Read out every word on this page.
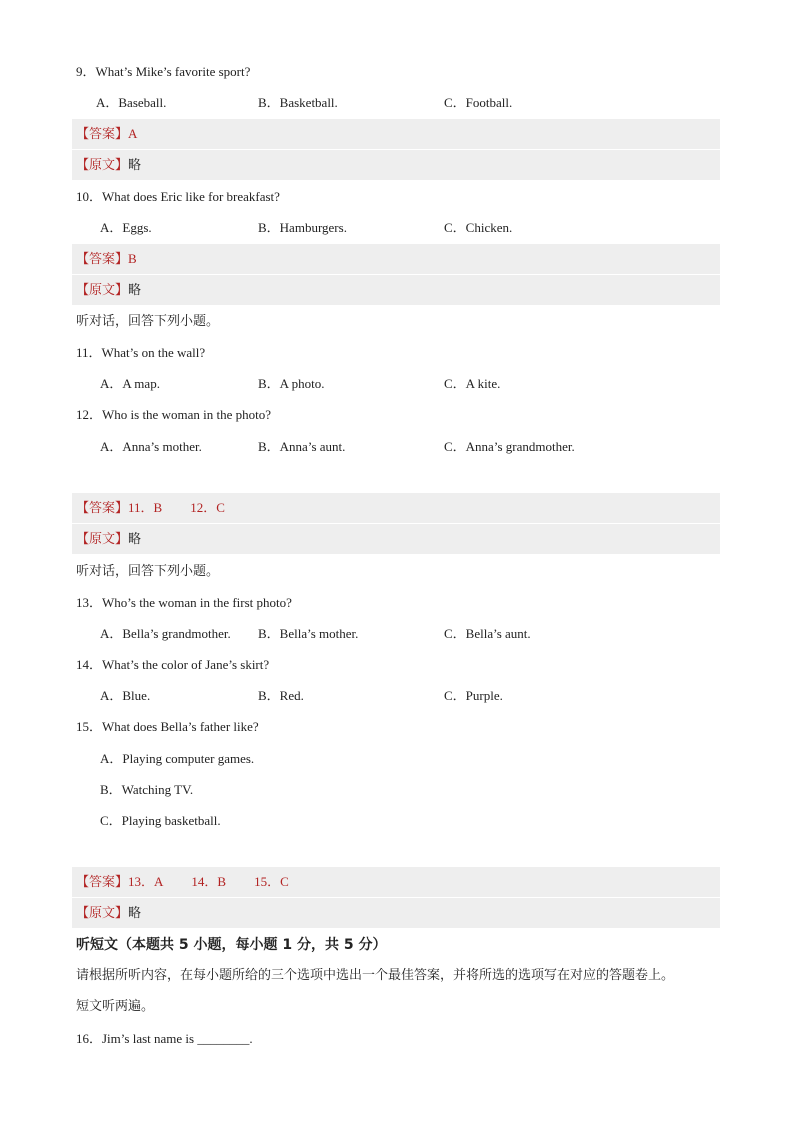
9．What’s Mike’s favorite sport?
A．Baseball.	B．Basketball.	C．Football.
【答案】A
【原文】略
10．What does Eric like for breakfast?
A．Eggs.	B．Hamburgers.	C．Chicken.
【答案】B
【原文】略
听对话，回答下列小题。
11．What’s on the wall?
A．A map.	B．A photo.	C．A kite.
12．Who is the woman in the photo?
A．Anna’s mother.	B．Anna’s aunt.	C．Anna’s grandmother.
【答案】11．B 12．C
【原文】略
听对话，回答下列小题。
13．Who’s the woman in the first photo?
A．Bella’s grandmother. B．Bella’s mother.	C．Bella’s aunt.
14．What’s the color of Jane’s skirt?
A．Blue.	B．Red.	C．Purple.
15．What does Bella’s father like?
A．Playing computer games.
B．Watching TV.
C．Playing basketball.
【答案】13．A 14．B 15．C
【原文】略
听短文（本题共 5 小题，每小题 1 分，共 5 分）
请根据所听内容，在每小题所给的三个选项中选出一个最佳答案，并将所选的选项写在对应的答题卷上。
短文听两遍。
16．Jim’s last name is ________.
